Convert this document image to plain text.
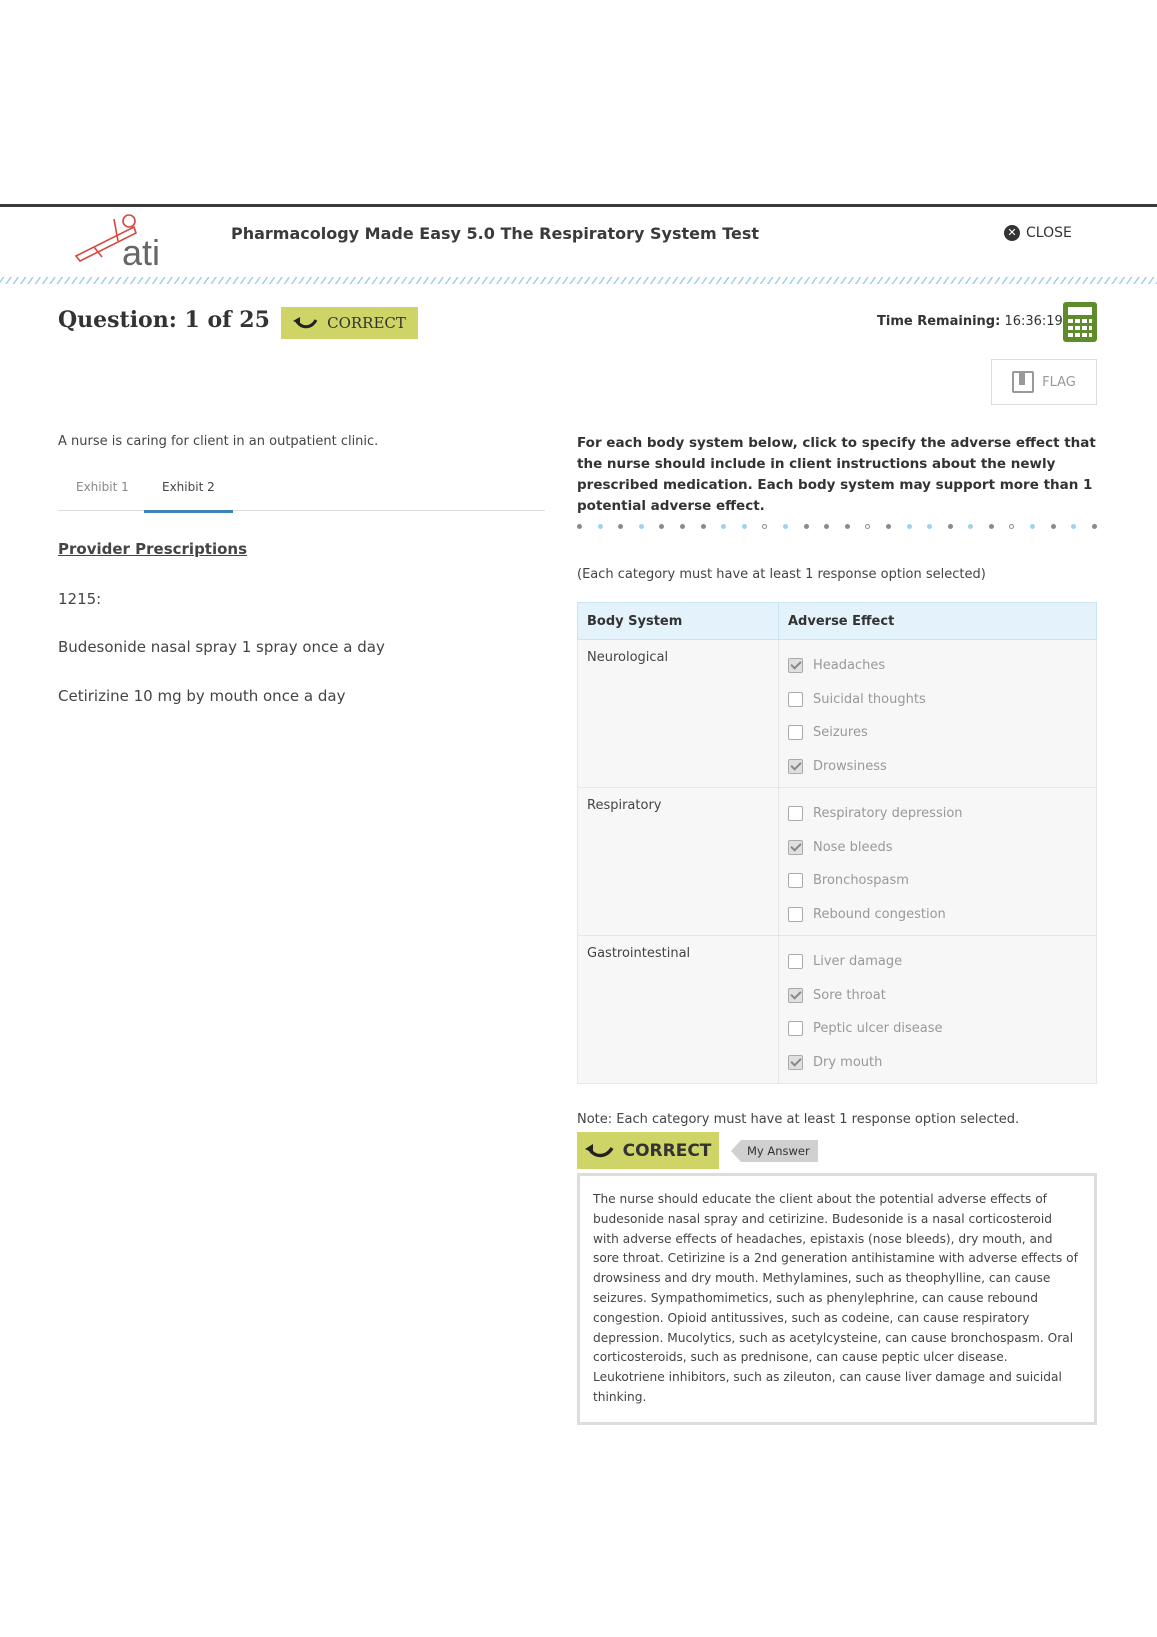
ati	Pharmacology Made Easy 5.0 The Respiratory System Test	✕ CLOSE
Question: 1 of 25	CORRECT	Time Remaining: 16:36:19
FLAG
A nurse is caring for client in an outpatient clinic.
Exhibit 1	Exhibit 2
Provider Prescriptions
1215:
Budesonide nasal spray 1 spray once a day
Cetirizine 10 mg by mouth once a day
For each body system below, click to specify the adverse effect that the nurse should include in client instructions about the newly prescribed medication. Each body system may support more than 1 potential adverse effect.
(Each category must have at least 1 response option selected)
Body System	Adverse Effect
Neurological	Headaches
Suicidal thoughts
Seizures
Drowsiness

Respiratory	Respiratory depression
Nose bleeds
Bronchospasm
Rebound congestion

Gastrointestinal	Liver damage
Sore throat
Peptic ulcer disease
Dry mouth
Note: Each category must have at least 1 response option selected.
CORRECT	My Answer
The nurse should educate the client about the potential adverse effects of budesonide nasal spray and cetirizine. Budesonide is a nasal corticosteroid with adverse effects of headaches, epistaxis (nose bleeds), dry mouth, and sore throat. Cetirizine is a 2nd generation antihistamine with adverse effects of drowsiness and dry mouth. Methylamines, such as theophylline, can cause seizures. Sympathomimetics, such as phenylephrine, can cause rebound congestion. Opioid antitussives, such as codeine, can cause respiratory depression. Mucolytics, such as acetylcysteine, can cause bronchospasm. Oral corticosteroids, such as prednisone, can cause peptic ulcer disease. Leukotriene inhibitors, such as zileuton, can cause liver damage and suicidal thinking.
